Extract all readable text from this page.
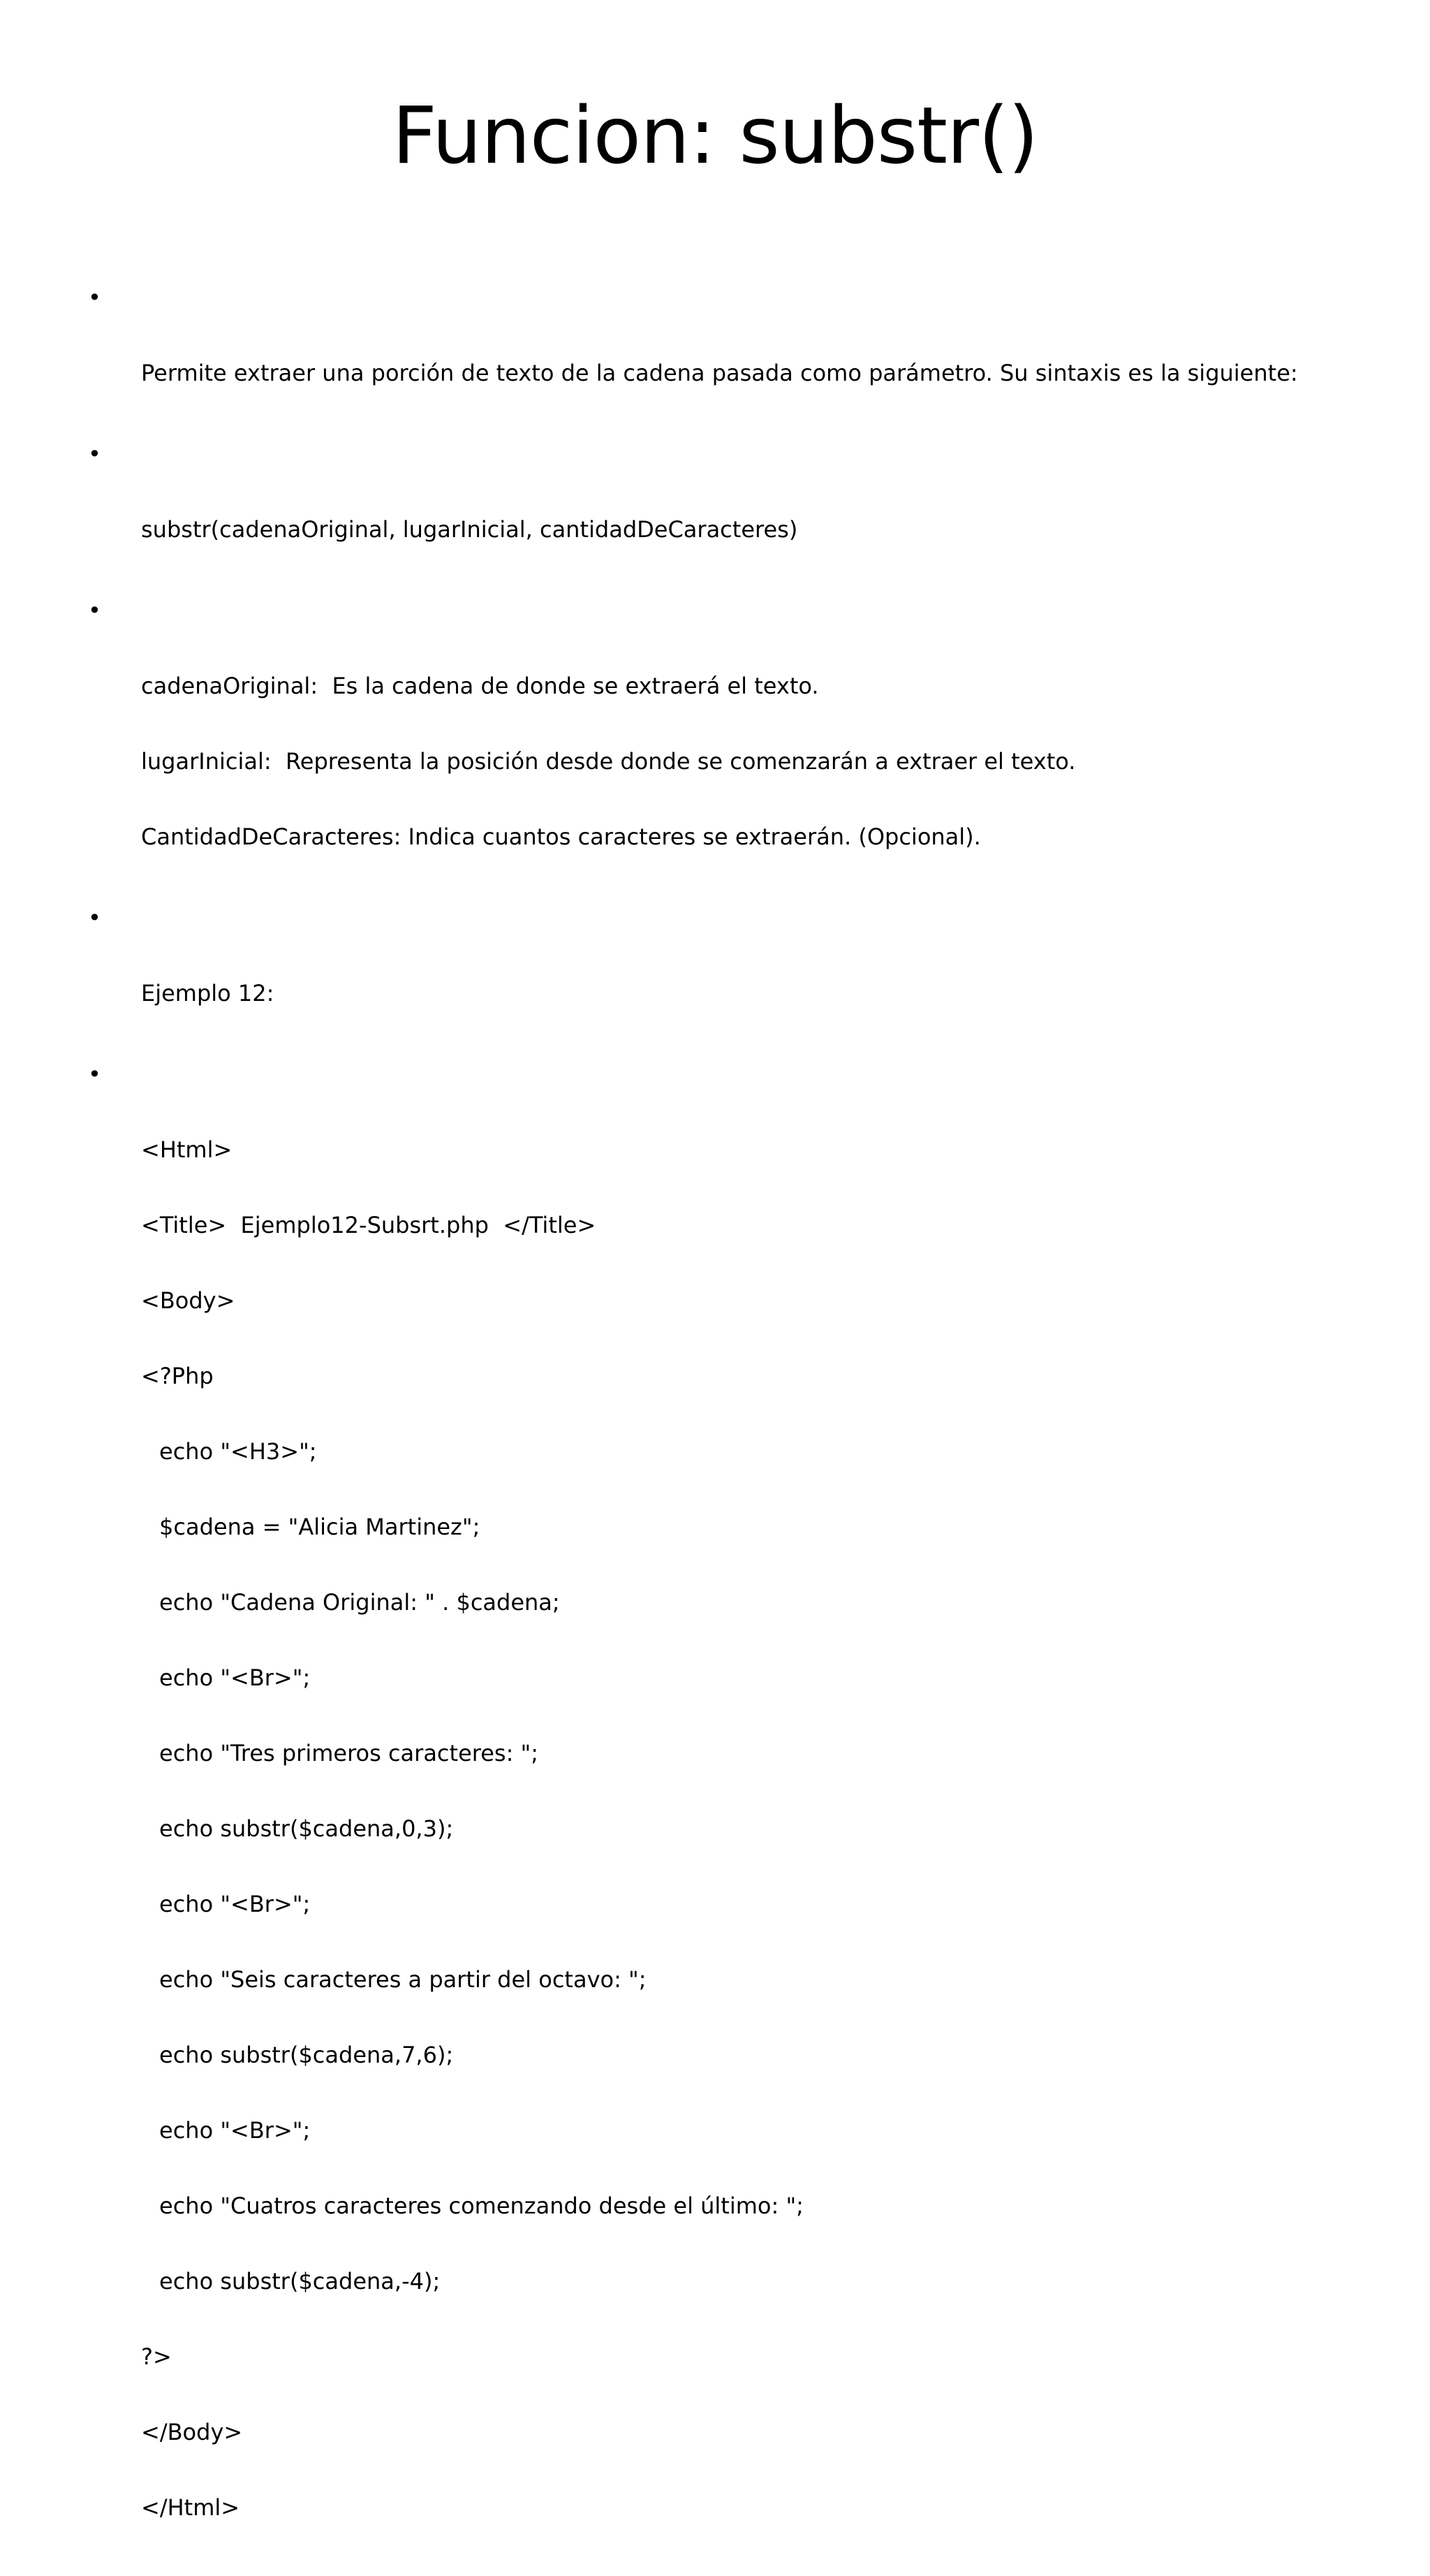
Funcion: substr()

•

Permite extraer una porción de texto de la cadena pasada como parámetro. Su sintaxis es la siguiente:

•

substr(cadenaOriginal, lugarInicial, cantidadDeCaracteres)

•

cadenaOriginal:  Es la cadena de donde se extraerá el texto.

lugarInicial:  Representa la posición desde donde se comenzarán a extraer el texto.

CantidadDeCaracteres: Indica cuantos caracteres se extraerán. (Opcional).

•

Ejemplo 12:

•

<Html>

<Title>  Ejemplo12-Subsrt.php  </Title>

<Body>

<?Php

echo "<H3>";

$cadena = "Alicia Martinez";

echo "Cadena Original: " . $cadena;

echo "<Br>";

echo "Tres primeros caracteres: ";

echo substr($cadena,0,3);

echo "<Br>";

echo "Seis caracteres a partir del octavo: ";

echo substr($cadena,7,6);

echo "<Br>";

echo "Cuatros caracteres comenzando desde el último: ";

echo substr($cadena,-4);

?>

</Body>

</Html>
